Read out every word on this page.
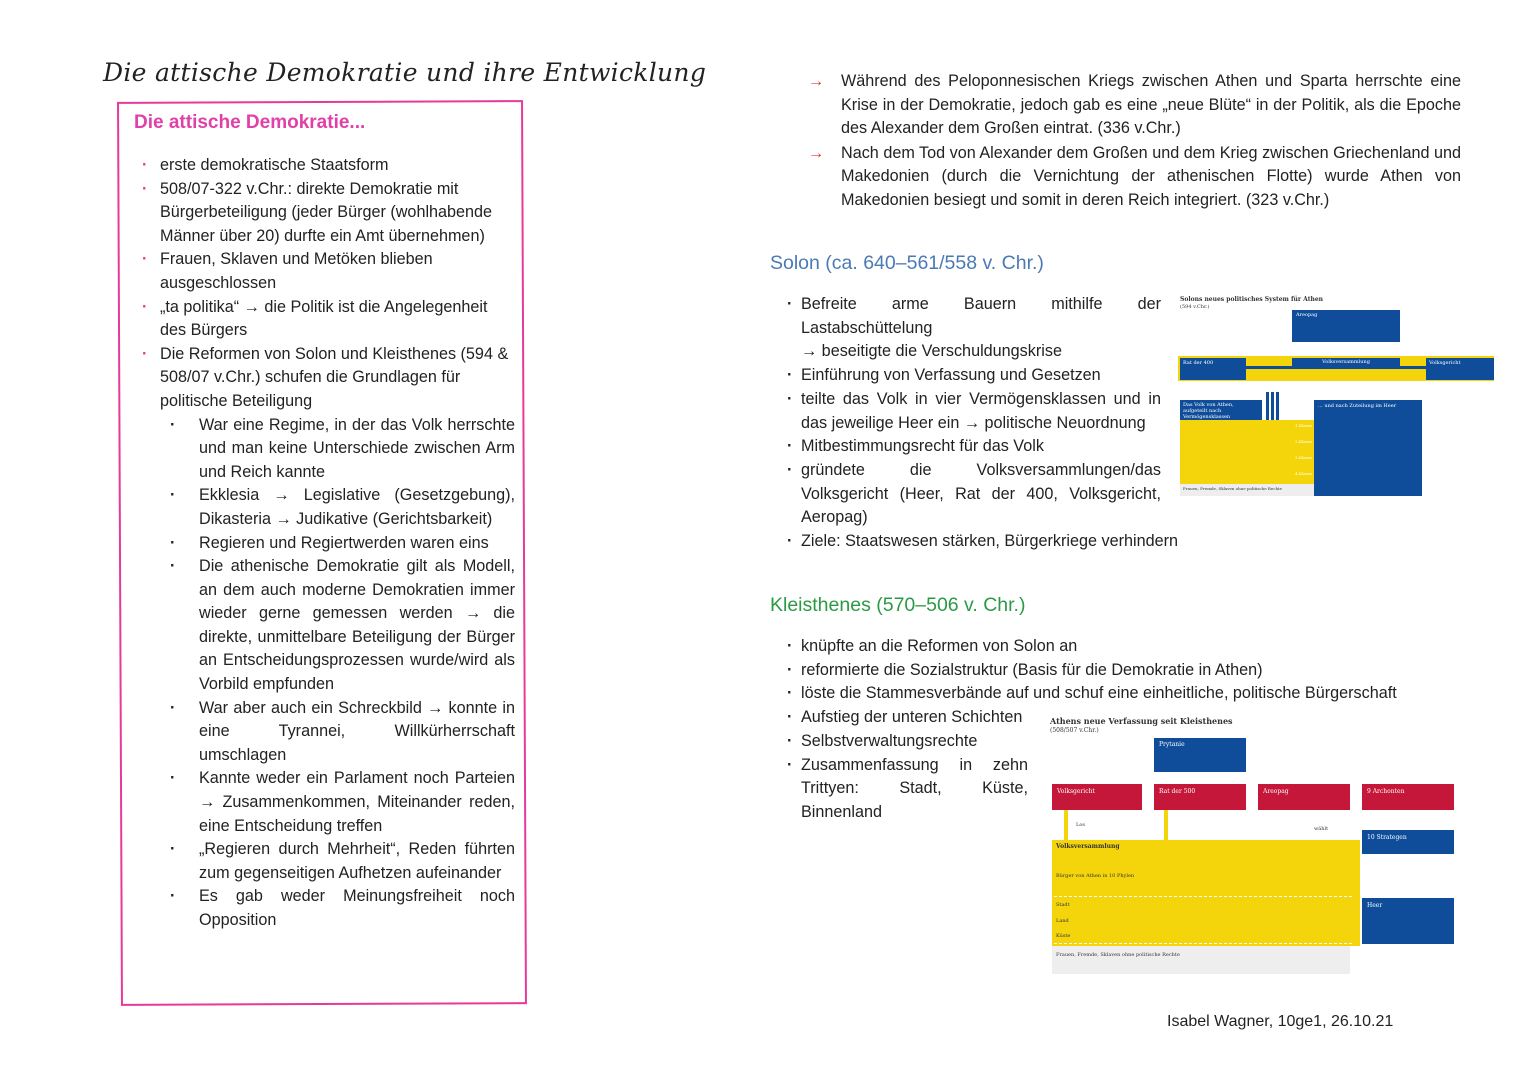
Die attische Demokratie und ihre Entwicklung
Die attische Demokratie...
· erste demokratische Staatsform
· 508/07-322 v.Chr.: direkte Demokratie mit Bürgerbeteiligung (jeder Bürger (wohlhabende Männer über 20) durfte ein Amt übernehmen)
· Frauen, Sklaven und Metöken blieben ausgeschlossen
· „ta politika“ → die Politik ist die Angelegenheit des Bürgers
· Die Reformen von Solon und Kleisthenes (594 & 508/07 v.Chr.) schufen die Grundlagen für politische Beteiligung
· War eine Regime, in der das Volk herrschte und man keine Unterschiede zwischen Arm und Reich kannte
· Ekklesia → Legislative (Gesetzgebung), Dikasteria → Judikative (Gerichtsbarkeit)
· Regieren und Regiertwerden waren eins
· Die athenische Demokratie gilt als Modell, an dem auch moderne Demokratien immer wieder gerne gemessen werden → die direkte, unmittelbare Beteiligung der Bürger an Entscheidungsprozessen wurde/wird als Vorbild empfunden
· War aber auch ein Schreckbild → konnte in eine Tyrannei, Willkürherrschaft umschlagen
· Kannte weder ein Parlament noch Parteien → Zusammenkommen, Miteinander reden, eine Entscheidung treffen
· „Regieren durch Mehrheit“, Reden führten zum gegenseitigen Aufhetzen aufeinander
· Es gab weder Meinungsfreiheit noch Opposition
→ Während des Peloponnesischen Kriegs zwischen Athen und Sparta herrschte eine Krise in der Demokratie, jedoch gab es eine „neue Blüte“ in der Politik, als die Epoche des Alexander dem Großen eintrat. (336 v.Chr.)
→ Nach dem Tod von Alexander dem Großen und dem Krieg zwischen Griechenland und Makedonien (durch die Vernichtung der athenischen Flotte) wurde Athen von Makedonien besiegt und somit in deren Reich integriert. (323 v.Chr.)
Solon (ca. 640–561/558 v. Chr.)
· Befreite arme Bauern mithilfe der Lastabschüttelung
→ beseitigte die Verschuldungskrise
· Einführung von Verfassung und Gesetzen
· teilte das Volk in vier Vermögensklassen und in das jeweilige Heer ein → politische Neuordnung
· Mitbestimmungsrecht für das Volk
· gründete die Volksversammlungen/das Volksgericht (Heer, Rat der 400, Volksgericht, Aeropag)
· Ziele: Staatswesen stärken, Bürgerkriege verhindern
Solons neues politisches System für Athen
(594 v.Chr.)
Areopag
Rat der 400	Volksversammlung	Volksgericht
Das Volk von Athen, aufgeteilt nach Vermögensklassen
... und nach Zuteilung im Heer
Frauen, Fremde, Sklaven ohne politische Rechte
1.Klasse
2.Klasse
3.Klasse
4.Klasse
Kleisthenes (570–506 v. Chr.)
· knüpfte an die Reformen von Solon an
· reformierte die Sozialstruktur (Basis für die Demokratie in Athen)
· löste die Stammesverbände auf und schuf eine einheitliche, politische Bürgerschaft
· Aufstieg der unteren Schichten
· Selbstverwaltungsrechte
· Zusammenfassung in zehn Trittyen: Stadt, Küste, Binnenland
Athens neue Verfassung seit Kleisthenes
(508/507 v.Chr.)
Prytanie
Volksgericht	Rat der 500	Areopag	9 Archonten
Los
wählt
Volksversammlung
Bürger von Athen in 10 Phylen
Stadt
Land
Küste
Frauen, Fremde, Sklaven ohne politische Rechte
10 Strategen
Heer
Isabel Wagner, 10ge1, 26.10.21
